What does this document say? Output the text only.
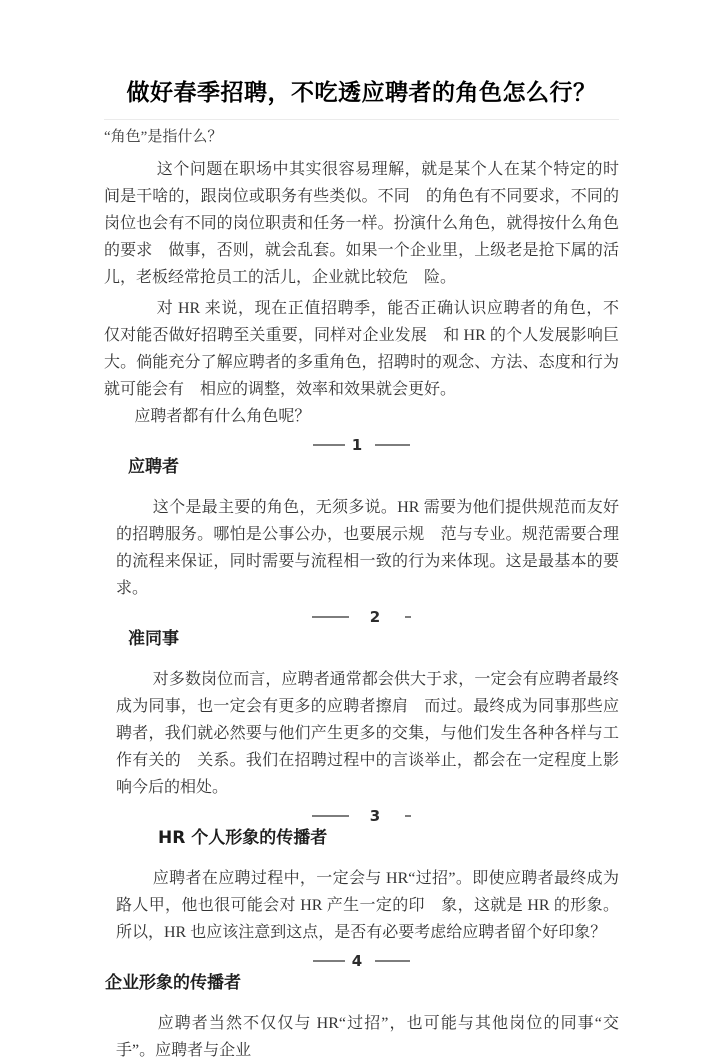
做好春季招聘，不吃透应聘者的角色怎么行？

“角色”是指什么？

这个问题在职场中其实很容易理解，就是某个人在某个特定的时间是干啥的，跟岗位或职务有些类似。不同　的角色有不同要求，不同的岗位也会有不同的岗位职责和任务一样。扮演什么角色，就得按什么角色的要求　做事，否则，就会乱套。如果一个企业里，上级老是抢下属的活儿，老板经常抢员工的活儿，企业就比较危　险。

对 HR 来说，现在正值招聘季，能否正确认识应聘者的角色，不仅对能否做好招聘至关重要，同样对企业发展　和 HR 的个人发展影响巨大。倘能充分了解应聘者的多重角色，招聘时的观念、方法、态度和行为就可能会有　相应的调整，效率和效果就会更好。

应聘者都有什么角色呢？

1
应聘者

这个是最主要的角色，无须多说。HR 需要为他们提供规范而友好的招聘服务。哪怕是公事公办，也要展示规　范与专业。规范需要合理的流程来保证，同时需要与流程相一致的行为来体现。这是最基本的要求。

2
准同事

对多数岗位而言，应聘者通常都会供大于求，一定会有应聘者最终成为同事，也一定会有更多的应聘者擦肩　而过。最终成为同事那些应聘者，我们就必然要与他们产生更多的交集，与他们发生各种各样与工作有关的　关系。我们在招聘过程中的言谈举止，都会在一定程度上影响今后的相处。

3
HR 个人形象的传播者

应聘者在应聘过程中，一定会与 HR“过招”。即使应聘者最终成为路人甲，他也很可能会对 HR 产生一定的印　象，这就是 HR 的形象。所以，HR 也应该注意到这点，是否有必要考虑给应聘者留个好印象？

4
企业形象的传播者

应聘者当然不仅仅与 HR“过招”，也可能与其他岗位的同事“交手”。应聘者与企业
